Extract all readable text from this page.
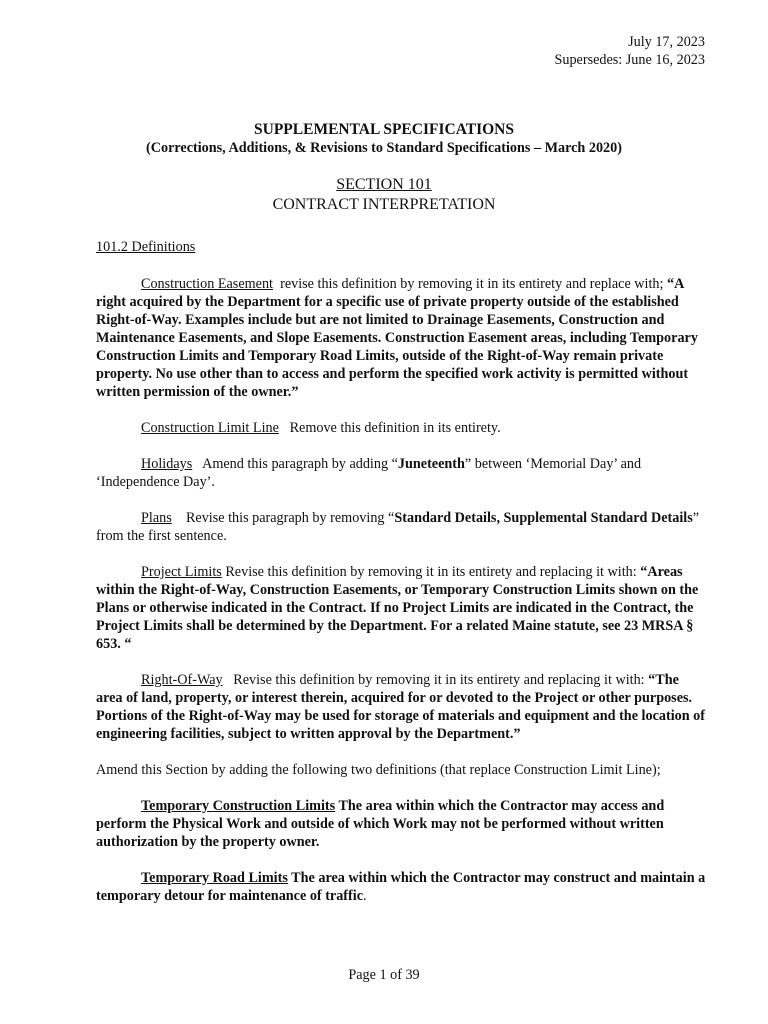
July 17, 2023
Supersedes: June 16, 2023
SUPPLEMENTAL SPECIFICATIONS
(Corrections, Additions, & Revisions to Standard Specifications – March 2020)
SECTION 101
CONTRACT INTERPRETATION
101.2 Definitions

Construction Easement  revise this definition by removing it in its entirety and replace with; “A right acquired by the Department for a specific use of private property outside of the established Right-of-Way. Examples include but are not limited to Drainage Easements, Construction and Maintenance Easements, and Slope Easements. Construction Easement areas, including Temporary Construction Limits and Temporary Road Limits, outside of the Right-of-Way remain private property. No use other than to access and perform the specified work activity is permitted without written permission of the owner.”

Construction Limit Line   Remove this definition in its entirety.

Holidays   Amend this paragraph by adding “Juneteenth” between ‘Memorial Day’ and ‘Independence Day’.

Plans    Revise this paragraph by removing “Standard Details, Supplemental Standard Details” from the first sentence.

Project Limits Revise this definition by removing it in its entirety and replacing it with: “Areas within the Right-of-Way, Construction Easements, or Temporary Construction Limits shown on the Plans or otherwise indicated in the Contract. If no Project Limits are indicated in the Contract, the Project Limits shall be determined by the Department. For a related Maine statute, see 23 MRSA § 653. “

Right-Of-Way   Revise this definition by removing it in its entirety and replacing it with: “The area of land, property, or interest therein, acquired for or devoted to the Project or other purposes. Portions of the Right-of-Way may be used for storage of materials and equipment and the location of engineering facilities, subject to written approval by the Department.”

Amend this Section by adding the following two definitions (that replace Construction Limit Line);

Temporary Construction Limits The area within which the Contractor may access and perform the Physical Work and outside of which Work may not be performed without written authorization by the property owner.

Temporary Road Limits The area within which the Contractor may construct and maintain a temporary detour for maintenance of traffic.

Page 1 of 39
